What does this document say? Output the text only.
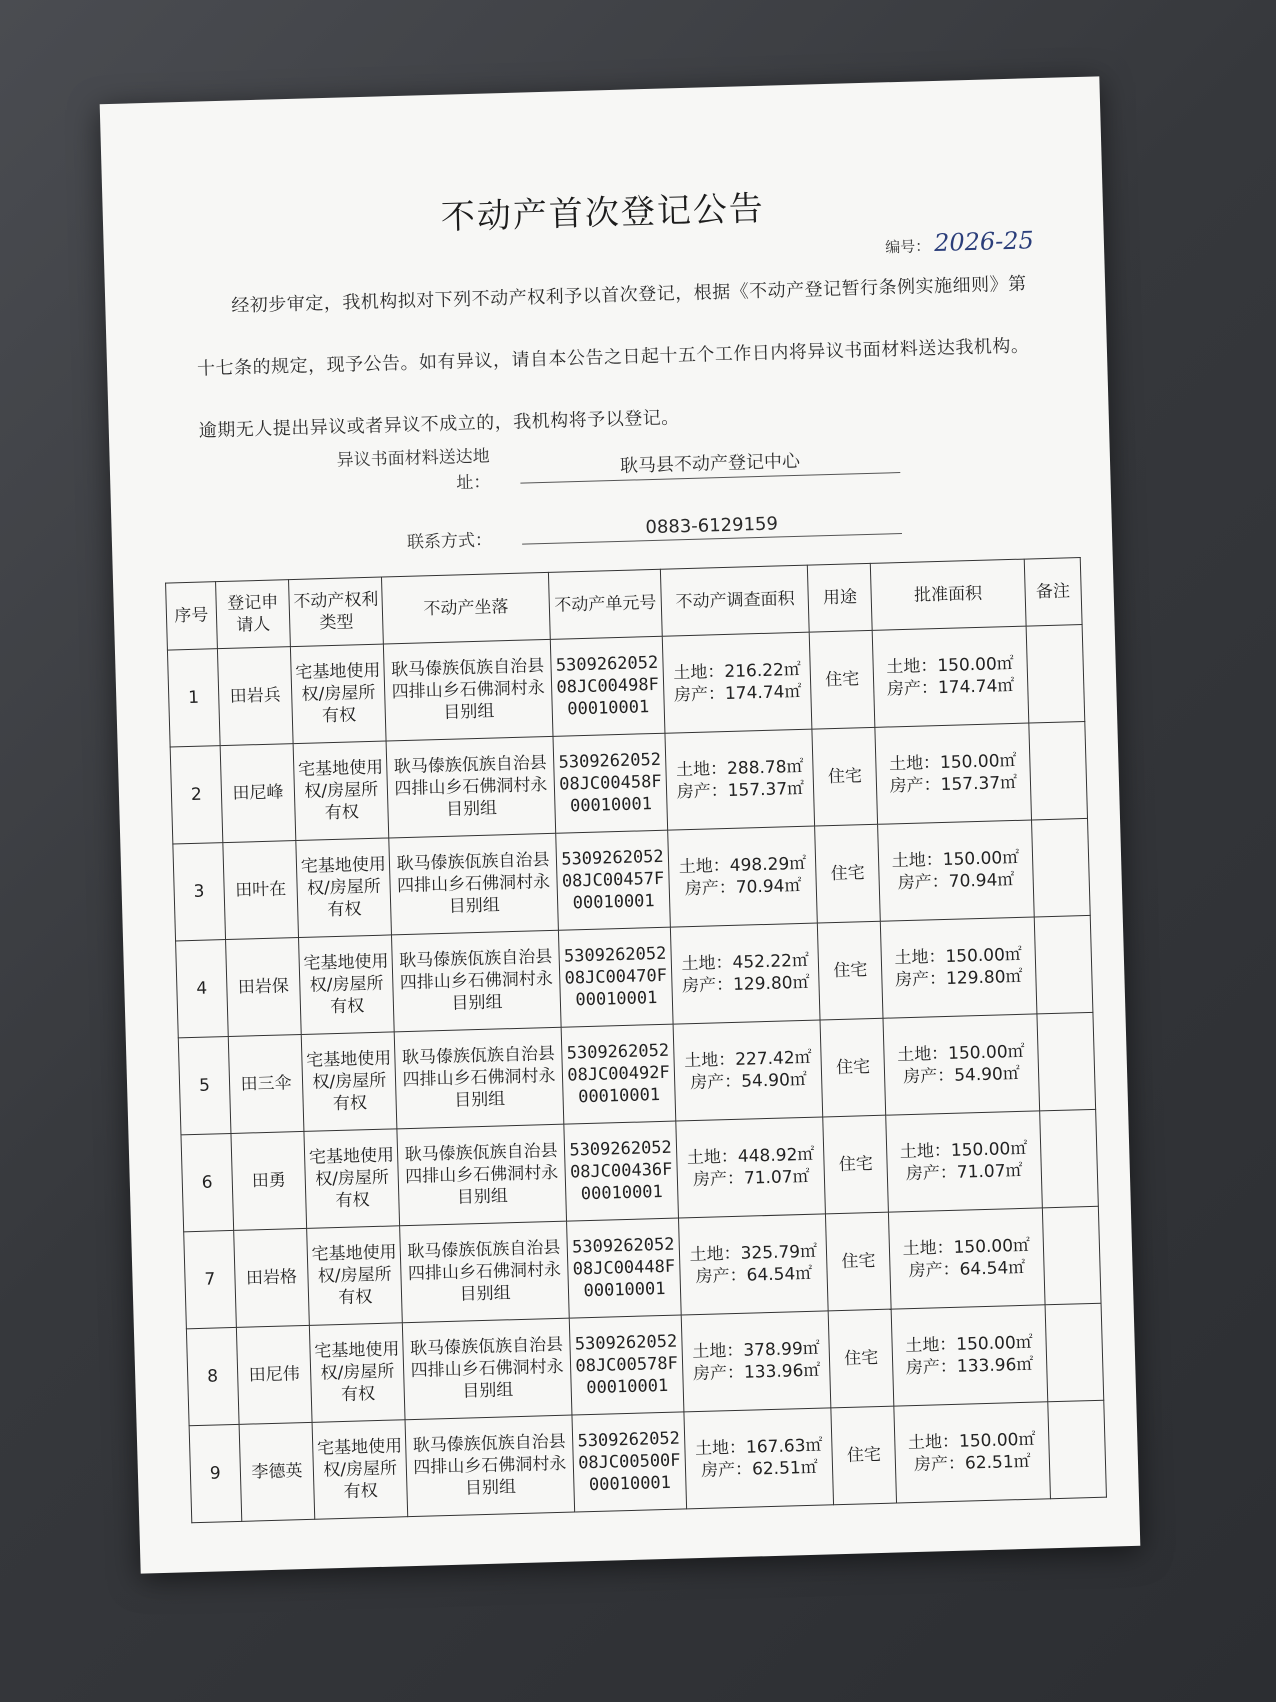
不动产首次登记公告
编号： 2026-25
经初步审定，我机构拟对下列不动产权利予以首次登记，根据《不动产登记暂行条例实施细则》第十七条的规定，现予公告。如有异议，请自本公告之日起十五个工作日内将异议书面材料送达我机构。逾期无人提出异议或者异议不成立的，我机构将予以登记。
异议书面材料送达地址：
耿马县不动产登记中心
联系方式：
0883-6129159
序号	登记申请人	不动产权利类型	不动产坐落	不动产单元号	不动产调查面积	用途	批准面积	备注
1	田岩兵	宅基地使用权/房屋所有权	耿马傣族佤族自治县四排山乡石佛洞村永目别组	530926205208JC00498F00010001	土地：216.22㎡
房产：174.74㎡	住宅	土地：150.00㎡
房产：174.74㎡	

2	田尼峰	宅基地使用权/房屋所有权	耿马傣族佤族自治县四排山乡石佛洞村永目别组	530926205208JC00458F00010001	土地：288.78㎡
房产：157.37㎡	住宅	土地：150.00㎡
房产：157.37㎡	

3	田叶在	宅基地使用权/房屋所有权	耿马傣族佤族自治县四排山乡石佛洞村永目别组	530926205208JC00457F00010001	土地：498.29㎡
房产：70.94㎡	住宅	土地：150.00㎡
房产：70.94㎡	

4	田岩保	宅基地使用权/房屋所有权	耿马傣族佤族自治县四排山乡石佛洞村永目别组	530926205208JC00470F00010001	土地：452.22㎡
房产：129.80㎡	住宅	土地：150.00㎡
房产：129.80㎡	

5	田三伞	宅基地使用权/房屋所有权	耿马傣族佤族自治县四排山乡石佛洞村永目别组	530926205208JC00492F00010001	土地：227.42㎡
房产：54.90㎡	住宅	土地：150.00㎡
房产：54.90㎡	

6	田勇	宅基地使用权/房屋所有权	耿马傣族佤族自治县四排山乡石佛洞村永目别组	530926205208JC00436F00010001	土地：448.92㎡
房产：71.07㎡	住宅	土地：150.00㎡
房产：71.07㎡	

7	田岩格	宅基地使用权/房屋所有权	耿马傣族佤族自治县四排山乡石佛洞村永目别组	530926205208JC00448F00010001	土地：325.79㎡
房产：64.54㎡	住宅	土地：150.00㎡
房产：64.54㎡	

8	田尼伟	宅基地使用权/房屋所有权	耿马傣族佤族自治县四排山乡石佛洞村永目别组	530926205208JC00578F00010001	土地：378.99㎡
房产：133.96㎡	住宅	土地：150.00㎡
房产：133.96㎡	

9	李德英	宅基地使用权/房屋所有权	耿马傣族佤族自治县四排山乡石佛洞村永目别组	530926205208JC00500F00010001	土地：167.63㎡
房产：62.51㎡	住宅	土地：150.00㎡
房产：62.51㎡	
